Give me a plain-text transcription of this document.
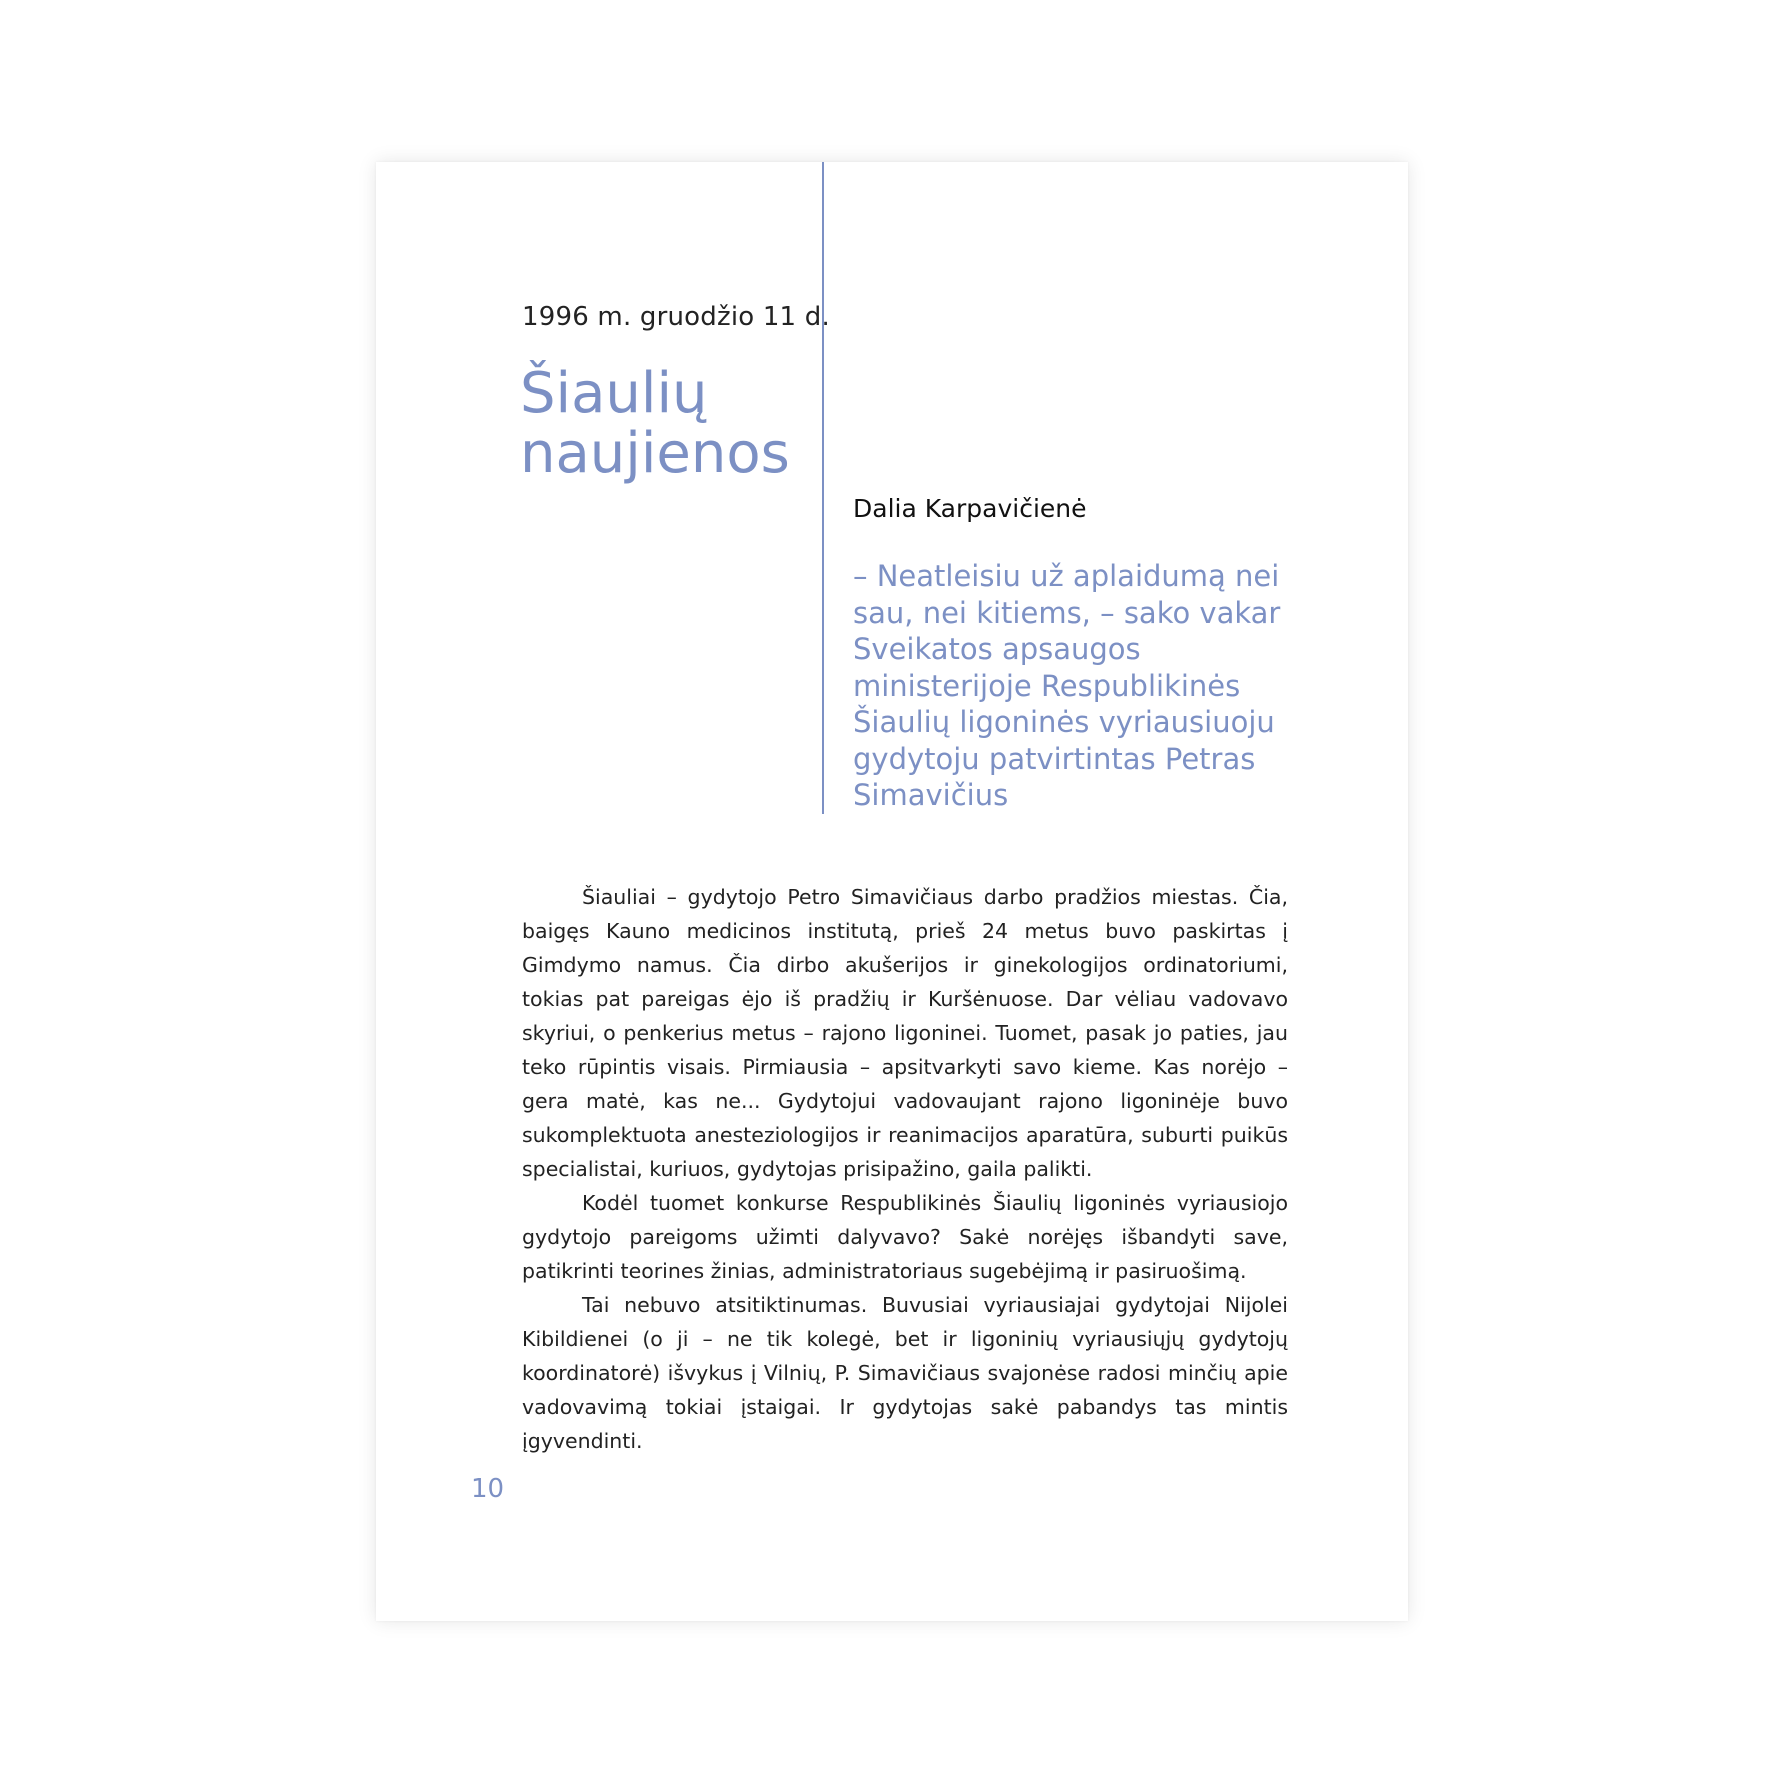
1996 m. gruodžio 11 d.
Šiaulių
naujienos
Dalia Karpavičienė
– Neatleisiu už aplaidumą nei sau, nei kitiems, – sako vakar Sveikatos apsaugos ministerijoje Respublikinės Šiaulių ligoninės vyriausiuoju gydytoju patvirtintas Petras Simavičius

Šiauliai – gydytojo Petro Simavičiaus darbo pradžios miestas. Čia, baigęs Kauno medicinos institutą, prieš 24 metus buvo paskirtas į Gimdymo namus. Čia dirbo akušerijos ir ginekologijos ordinatoriumi, tokias pat pareigas ėjo iš pradžių ir Kuršėnuose. Dar vėliau vadovavo skyriui, o penkerius metus – rajono ligoninei. Tuomet, pasak jo paties, jau teko rūpintis visais. Pirmiausia – apsitvarkyti savo kieme. Kas norėjo – gera matė, kas ne... Gydytojui vadovaujant rajono ligoninėje buvo sukomplektuota anesteziologijos ir reanimacijos aparatūra, suburti puikūs specialistai, kuriuos, gydytojas prisipažino, gaila palikti.

Kodėl tuomet konkurse Respublikinės Šiaulių ligoninės vyriausiojo gydytojo pareigoms užimti dalyvavo? Sakė norėjęs išbandyti save, patikrinti teorines žinias, administratoriaus sugebėjimą ir pasiruošimą.

Tai nebuvo atsitiktinumas. Buvusiai vyriausiajai gydytojai Nijolei Kibildienei (o ji – ne tik kolegė, bet ir ligoninių vyriausiųjų gydytojų koordinatorė) išvykus į Vilnių, P. Simavičiaus svajonėse radosi minčių apie vadovavimą tokiai įstaigai. Ir gydytojas sakė pabandys tas mintis įgyvendinti.

10
